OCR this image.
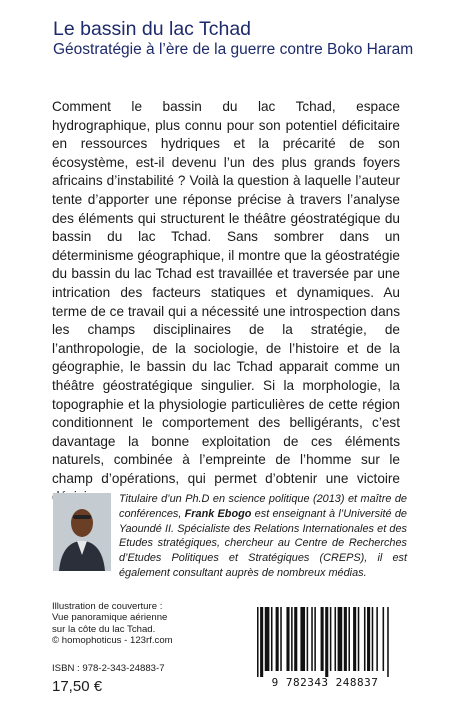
Le bassin du lac Tchad
Géostratégie à l’ère de la guerre contre Boko Haram
Comment le bassin du lac Tchad, espace hydrographique, plus connu pour son potentiel déficitaire en ressources hydriques et la précarité de son écosystème, est-il devenu l’un des plus grands foyers africains d’instabilité ? Voilà la question à laquelle l’auteur tente d’apporter une réponse précise à travers l’analyse des éléments qui structurent le théâtre géostratégique du bassin du lac Tchad. Sans sombrer dans un déterminisme géographique, il montre que la géostratégie du bassin du lac Tchad est travaillée et traversée par une intrication des facteurs statiques et dynamiques. Au terme de ce travail qui a nécessité une introspection dans les champs disciplinaires de la stratégie, de l’anthropologie, de la sociologie, de l’histoire et de la géographie, le bassin du lac Tchad apparait comme un théâtre géostratégique singulier. Si la morphologie, la topographie et la physiologie particulières de cette région conditionnent le comportement des belligérants, c’est davantage la bonne exploitation de ces éléments naturels, combinée à l’empreinte de l’homme sur le champ d’opérations, qui permet d’obtenir une victoire
Titulaire d’un Ph.D en science politique (2013) et maître de conférences, Frank Ebogo est enseignant à l’Université de Yaoundé II. Spécialiste des Relations Internationales et des Etudes stratégiques, chercheur au Centre de Recherches d’Etudes Politiques et Stratégiques (CREPS), il est également consultant auprès de nombreux médias.
Illustration de couverture :
Vue panoramique aérienne
sur la côte du lac Tchad.
© homophoticus - 123rf.com
ISBN : 978-2-343-24883-7
17,50 €	9 782343 248837
